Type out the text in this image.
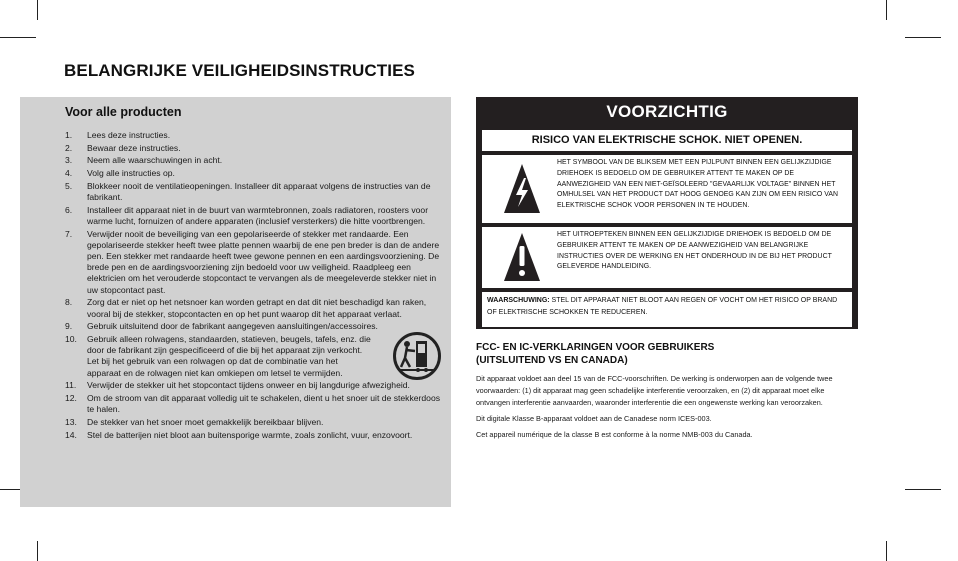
BELANGRIJKE VEILIGHEIDSINSTRUCTIES
Voor alle producten
1. Lees deze instructies.
2. Bewaar deze instructies.
3. Neem alle waarschuwingen in acht.
4. Volg alle instructies op.
5. Blokkeer nooit de ventilatieopeningen. Installeer dit apparaat volgens de instructies van de fabrikant.
6. Installeer dit apparaat niet in de buurt van warmtebronnen, zoals radiatoren, roosters voor warme lucht, fornuizen of andere apparaten (inclusief versterkers) die hitte voortbrengen.
7. Verwijder nooit de beveiliging van een gepolariseerde of stekker met randaarde. Een gepolariseerde stekker heeft twee platte pennen waarbij de ene pen breder is dan de andere pen. Een stekker met randaarde heeft twee gewone pennen en een aardingsvoorziening. De brede pen en de aardingsvoorziening zijn bedoeld voor uw veiligheid. Raadpleeg een elektricien om het verouderde stopcontact te vervangen als de meegeleverde stekker niet in uw stopcontact past.
8. Zorg dat er niet op het netsnoer kan worden getrapt en dat dit niet beschadigd kan raken, vooral bij de stekker, stopcontacten en op het punt waarop dit het apparaat verlaat.
9. Gebruik uitsluitend door de fabrikant aangegeven aansluitingen/accessoires.
10. Gebruik alleen rolwagens, standaarden, statieven, beugels, tafels, enz. die door de fabrikant zijn gespecificeerd of die bij het apparaat zijn verkocht. Let bij het gebruik van een rolwagen op dat de combinatie van het apparaat en de rolwagen niet kan omkiepen om letsel te vermijden.
11. Verwijder de stekker uit het stopcontact tijdens onweer en bij langdurige afwezigheid.
12. Om de stroom van dit apparaat volledig uit te schakelen, dient u het snoer uit de stekkerdoos te halen.
13. De stekker van het snoer moet gemakkelijk bereikbaar blijven.
14. Stel de batterijen niet bloot aan buitensporige warmte, zoals zonlicht, vuur, enzovoort.
VOORZICHTIG
RISICO VAN ELEKTRISCHE SCHOK. NIET OPENEN.
HET SYMBOOL VAN DE BLIKSEM MET EEN PIJLPUNT BINNEN EEN GELIJKZIJDIGE DRIEHOEK IS BEDOELD OM DE GEBRUIKER ATTENT TE MAKEN OP DE AANWEZIGHEID VAN EEN NIET-GEÏSOLEERD "GEVAARLIJK VOLTAGE" BINNEN HET OMHULSEL VAN HET PRODUCT DAT HOOG GENOEG KAN ZIJN OM EEN RISICO VAN ELEKTRISCHE SCHOK VOOR PERSONEN IN TE HOUDEN.
HET UITROEPTEKEN BINNEN EEN GELIJKZIJDIGE DRIEHOEK IS BEDOELD OM DE GEBRUIKER ATTENT TE MAKEN OP DE AANWEZIGHEID VAN BELANGRIJKE INSTRUCTIES OVER DE WERKING EN HET ONDERHOUD IN DE BIJ HET PRODUCT GELEVERDE HANDLEIDING.
WAARSCHUWING: STEL DIT APPARAAT NIET BLOOT AAN REGEN OF VOCHT OM HET RISICO OP BRAND OF ELEKTRISCHE SCHOKKEN TE REDUCEREN.
FCC- EN IC-VERKLARINGEN VOOR GEBRUIKERS
(UITSLUITEND VS EN CANADA)

Dit apparaat voldoet aan deel 15 van de FCC-voorschriften. De werking is onderworpen aan de volgende twee voorwaarden: (1) dit apparaat mag geen schadelijke interferentie veroorzaken, en (2) dit apparaat moet elke ontvangen interferentie aanvaarden, waaronder interferentie die een ongewenste werking kan veroorzaken.

Dit digitale Klasse B-apparaat voldoet aan de Canadese norm ICES-003.

Cet appareil numérique de la classe B est conforme à la norme NMB-003 du Canada.
